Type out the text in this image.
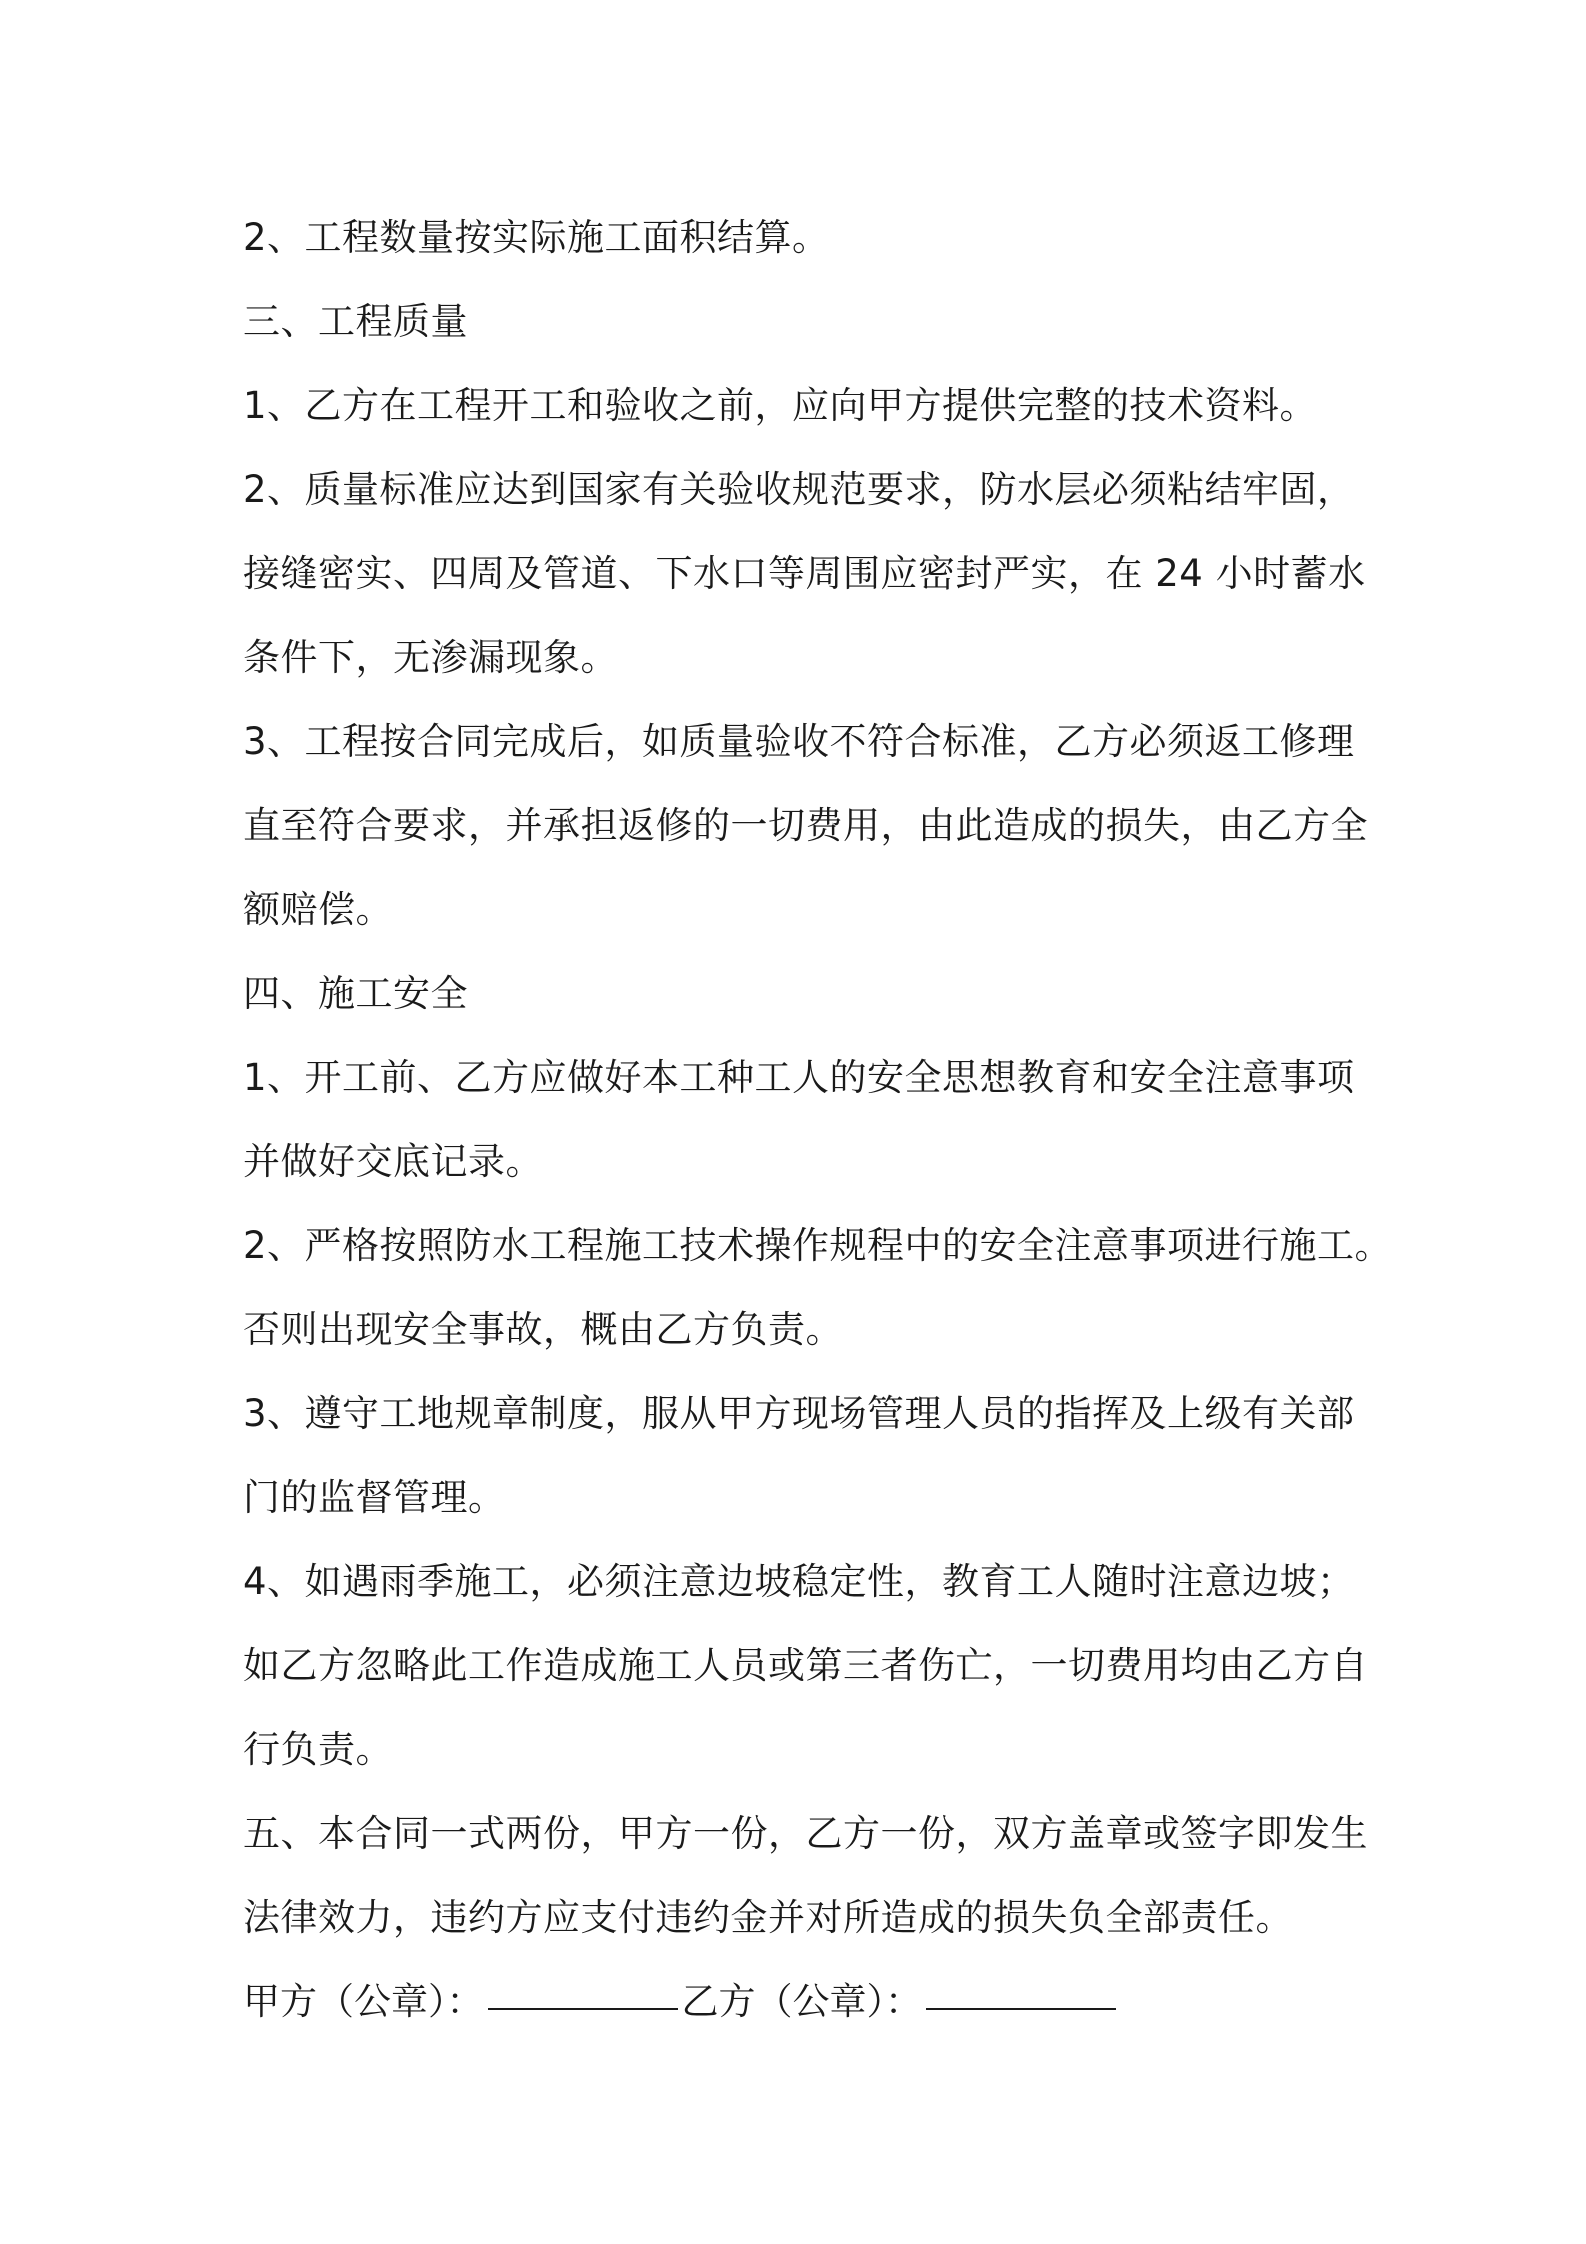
2、工程数量按实际施工面积结算。
三、工程质量
1、乙方在工程开工和验收之前，应向甲方提供完整的技术资料。
2、质量标准应达到国家有关验收规范要求，防水层必须粘结牢固，
接缝密实、四周及管道、下水口等周围应密封严实，在 24 小时蓄水
条件下，无渗漏现象。
3、工程按合同完成后，如质量验收不符合标准，乙方必须返工修理
直至符合要求，并承担返修的一切费用，由此造成的损失，由乙方全
额赔偿。
四、施工安全
1、开工前、乙方应做好本工种工人的安全思想教育和安全注意事项
并做好交底记录。
2、严格按照防水工程施工技术操作规程中的安全注意事项进行施工。
否则出现安全事故，概由乙方负责。
3、遵守工地规章制度，服从甲方现场管理人员的指挥及上级有关部
门的监督管理。
4、如遇雨季施工，必须注意边坡稳定性，教育工人随时注意边坡；
如乙方忽略此工作造成施工人员或第三者伤亡，一切费用均由乙方自
行负责。
五、本合同一式两份，甲方一份，乙方一份，双方盖章或签字即发生
法律效力，违约方应支付违约金并对所造成的损失负全部责任。
甲方（公章）：	乙方（公章）：
